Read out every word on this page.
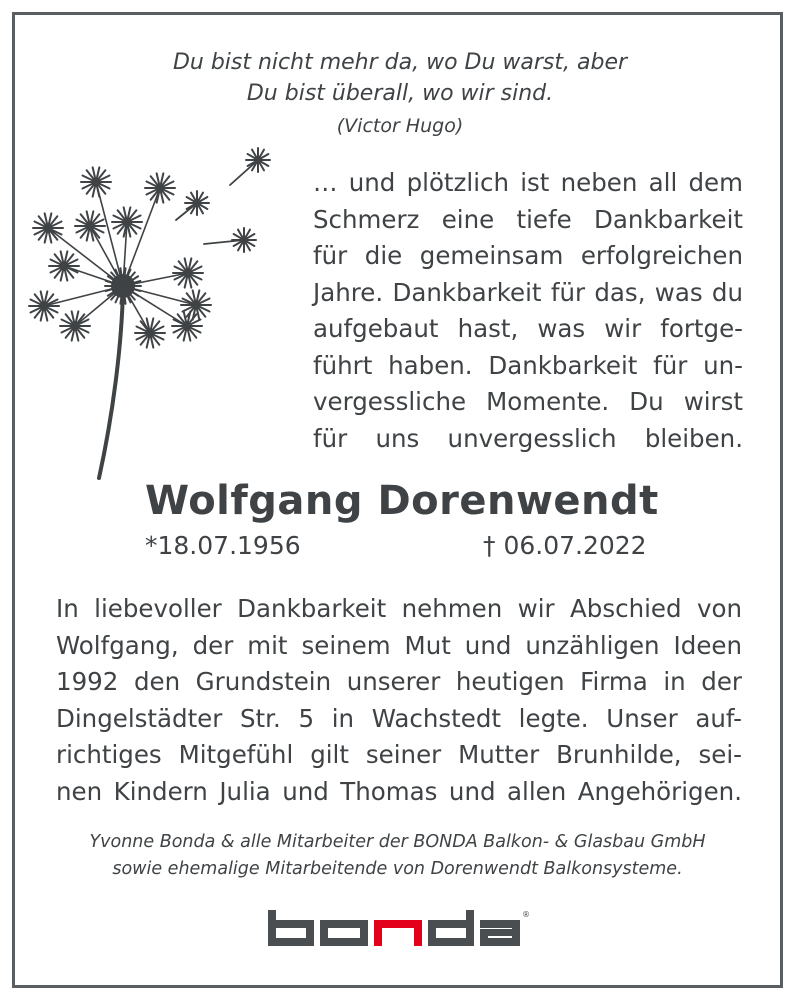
Du bist nicht mehr da, wo Du warst, aber
Du bist überall, wo wir sind.
(Victor Hugo)
… und plötzlich ist neben all dem
Schmerz eine tiefe Dankbarkeit
für die gemeinsam erfolgreichen
Jahre. Dankbarkeit für das, was du
aufgebaut hast, was wir fortge-
führt haben. Dankbarkeit für un-
vergessliche Momente. Du wirst
für uns unvergesslich bleiben.
Wolfgang Dorenwendt
*18.07.1956	† 06.07.2022
In liebevoller Dankbarkeit nehmen wir Abschied von
Wolfgang, der mit seinem Mut und unzähligen Ideen
1992 den Grundstein unserer heutigen Firma in der
Dingelstädter Str. 5 in Wachstedt legte. Unser auf-
richtiges Mitgefühl gilt seiner Mutter Brunhilde, sei-
nen Kindern Julia und Thomas und allen Angehörigen.
Yvonne Bonda & alle Mitarbeiter der BONDA Balkon- & Glasbau GmbH
sowie ehemalige Mitarbeitende von Dorenwendt Balkonsysteme.
®
